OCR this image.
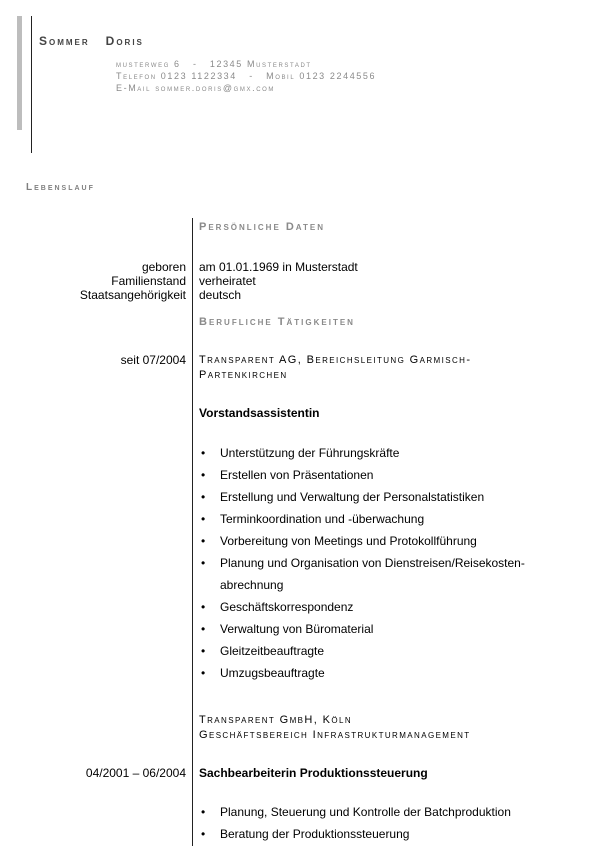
Sommer Doris
musterweg 6   -   12345 Musterstadt
Telefon 0123 1122334   -   Mobil 0123 2244556
E-Mail sommer.doris@gmx.com
Lebenslauf
Persönliche Daten
geboren am 01.01.1969 in Musterstadt
Familienstand verheiratet
Staatsangehörigkeit deutsch
Berufliche Tätigkeiten
seit 07/2004 Transparent AG, Bereichsleitung Garmisch-
Partenkirchen
Vorstandsassistentin
• Unterstützung der Führungskräfte
• Erstellen von Präsentationen
• Erstellung und Verwaltung der Personalstatistiken
• Terminkoordination und -überwachung
• Vorbereitung von Meetings und Protokollführung
• Planung und Organisation von Dienstreisen/Reisekosten-
abrechnung
• Geschäftskorrespondenz
• Verwaltung von Büromaterial
• Gleitzeitbeauftragte
• Umzugsbeauftragte
Transparent GmbH, Köln
Geschäftsbereich Infrastrukturmanagement
04/2001 – 06/2004 Sachbearbeiterin Produktionssteuerung
• Planung, Steuerung und Kontrolle der Batchproduktion
• Beratung der Produktionssteuerung
